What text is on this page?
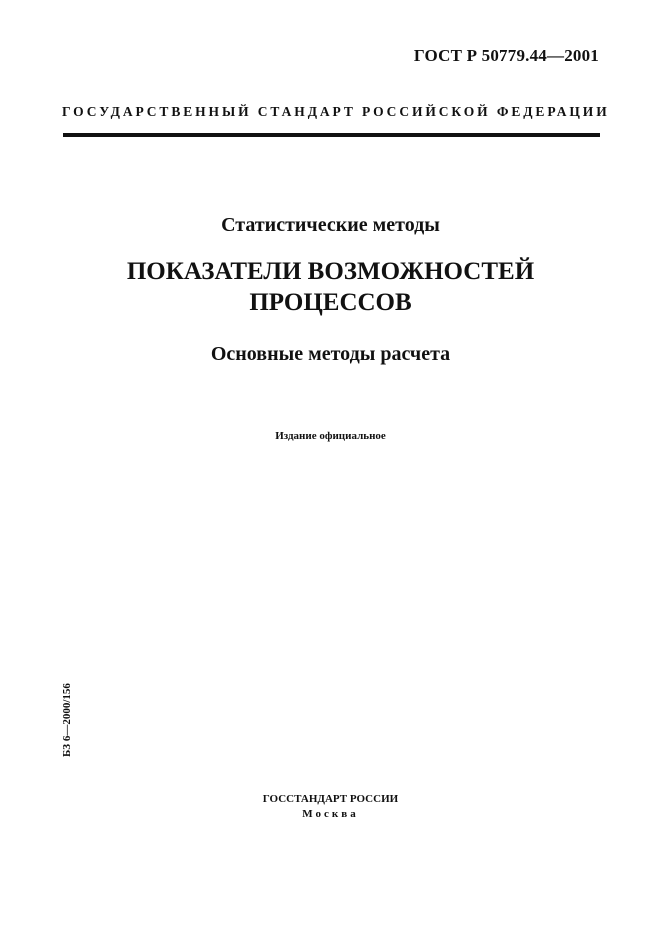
ГОСТ Р 50779.44—2001
ГОСУДАРСТВЕННЫЙ СТАНДАРТ РОССИЙСКОЙ ФЕДЕРАЦИИ
Статистические методы
ПОКАЗАТЕЛИ ВОЗМОЖНОСТЕЙ
ПРОЦЕССОВ
Основные методы расчета
Издание официальное
БЗ 6—2000/156
ГОССТАНДАРТ РОССИИ
Москва
